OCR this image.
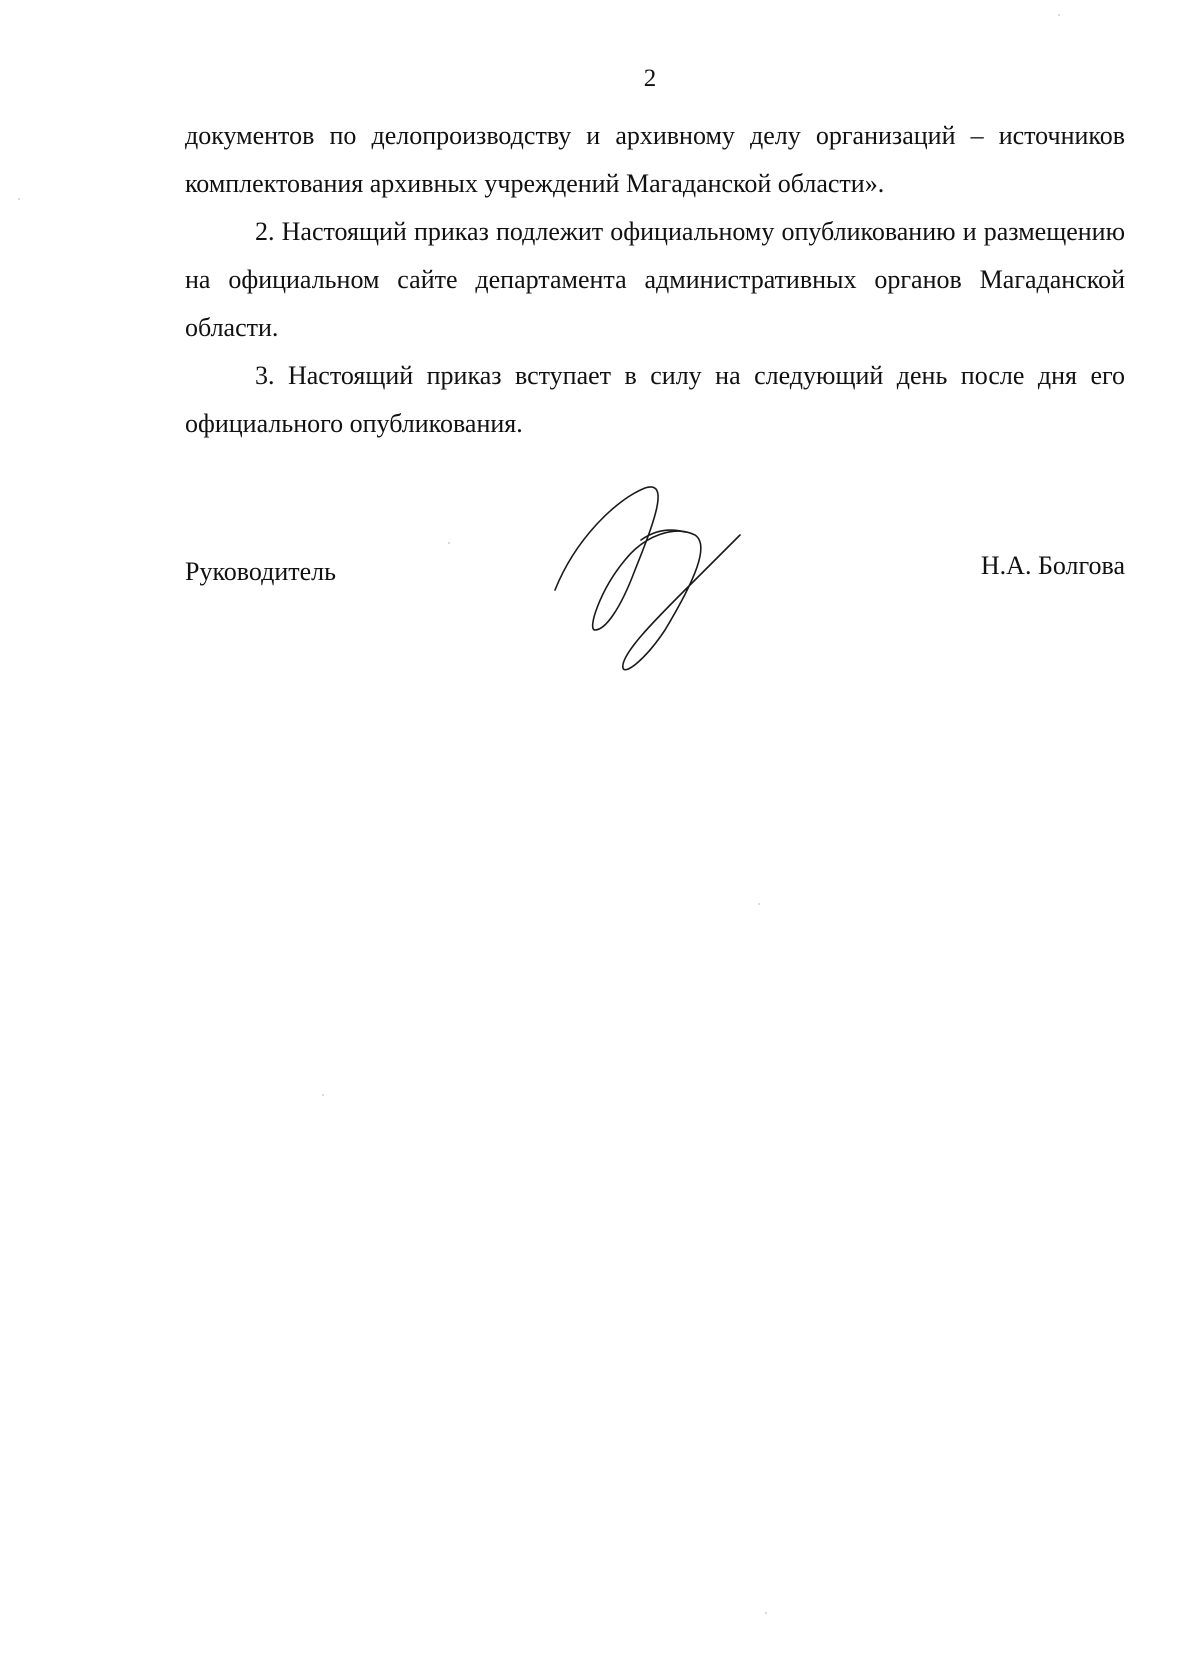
2

документов по делопроизводству и архивному делу организаций – источников комплектования архивных учреждений Магаданской области».

2. Настоящий приказ подлежит официальному опубликованию и размещению на официальном сайте департамента административных органов Магаданской области.

3. Настоящий приказ вступает в силу на следующий день после дня его официального опубликования.

Руководитель	Н.А. Болгова
